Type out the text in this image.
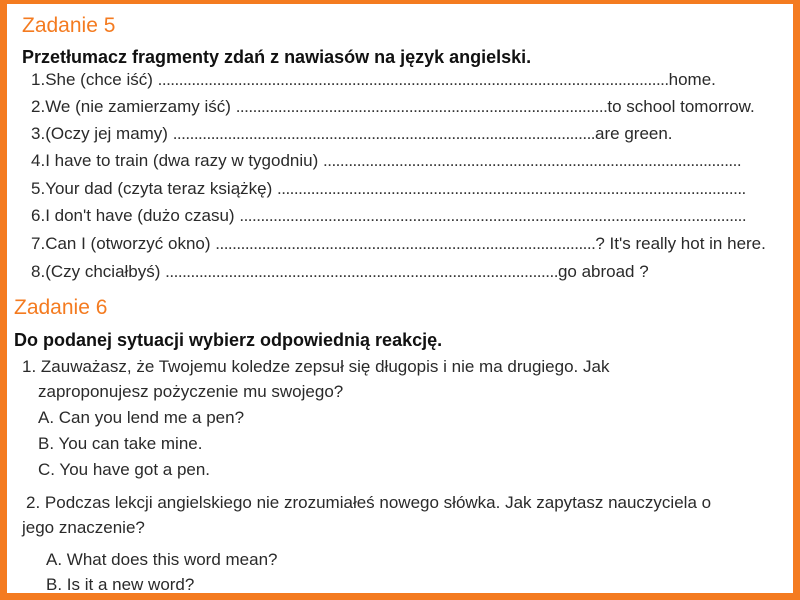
Zadanie 5
Przetłumacz fragmenty zdań z nawiasów na język angielski.
1.She (chce iść) .........................................................................................................................home.
2.We (nie zamierzamy iść) ........................................................................................to school tomorrow.
3.(Oczy jej mamy) ....................................................................................................are green.
4.I have to train (dwa razy w tygodniu) ...................................................................................................
5.Your dad (czyta teraz książkę) ...............................................................................................................
6.I don't have (dużo czasu) ........................................................................................................................
7.Can I (otworzyć okno) ..........................................................................................? It's really hot in here.
8.(Czy chciałbyś) .............................................................................................go abroad ?
Zadanie 6
Do podanej sytuacji wybierz odpowiednią reakcję.
1. Zauważasz, że Twojemu koledze zepsuł się długopis i nie ma drugiego. Jak
zaproponujesz pożyczenie mu swojego?
A. Can you lend me a pen?
B. You can take mine.
C. You have got a pen.
2. Podczas lekcji angielskiego nie zrozumiałeś nowego słówka. Jak zapytasz nauczyciela o
jego znaczenie?
A. What does this word mean?
B. Is it a new word?
